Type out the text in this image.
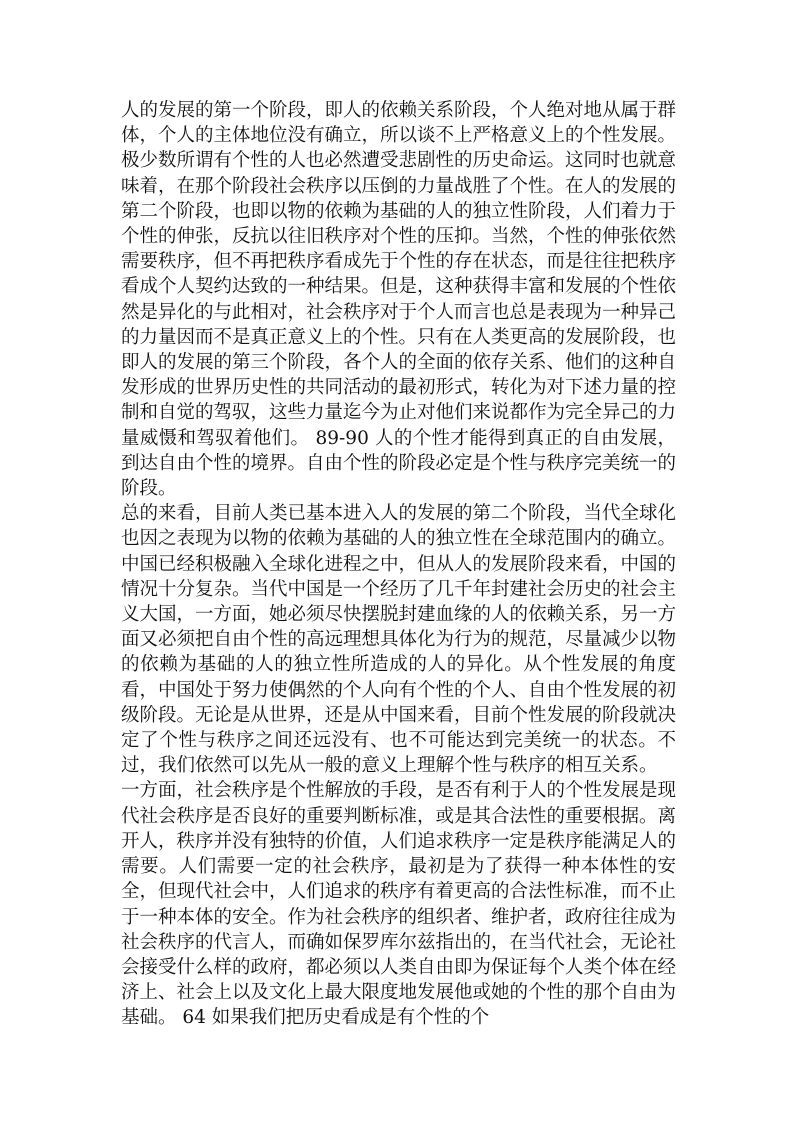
人的发展的第一个阶段，即人的依赖关系阶段，个人绝对地从属于群体，个人的主体地位没有确立，所以谈不上严格意义上的个性发展。极少数所谓有个性的人也必然遭受悲剧性的历史命运。这同时也就意味着，在那个阶段社会秩序以压倒的力量战胜了个性。在人的发展的第二个阶段，也即以物的依赖为基础的人的独立性阶段，人们着力于个性的伸张，反抗以往旧秩序对个性的压抑。当然，个性的伸张依然需要秩序，但不再把秩序看成先于个性的存在状态，而是往往把秩序看成个人契约达致的一种结果。但是，这种获得丰富和发展的个性依然是异化的与此相对，社会秩序对于个人而言也总是表现为一种异己的力量因而不是真正意义上的个性。只有在人类更高的发展阶段，也即人的发展的第三个阶段，各个人的全面的依存关系、他们的这种自发形成的世界历史性的共同活动的最初形式，转化为对下述力量的控制和自觉的驾驭，这些力量迄今为止对他们来说都作为完全异己的力量威慑和驾驭着他们。 89-90 人的个性才能得到真正的自由发展，到达自由个性的境界。自由个性的阶段必定是个性与秩序完美统一的阶段。

总的来看，目前人类已基本进入人的发展的第二个阶段，当代全球化也因之表现为以物的依赖为基础的人的独立性在全球范围内的确立。中国已经积极融入全球化进程之中，但从人的发展阶段来看，中国的情况十分复杂。当代中国是一个经历了几千年封建社会历史的社会主义大国，一方面，她必须尽快摆脱封建血缘的人的依赖关系，另一方面又必须把自由个性的高远理想具体化为行为的规范，尽量减少以物的依赖为基础的人的独立性所造成的人的异化。从个性发展的角度看，中国处于努力使偶然的个人向有个性的个人、自由个性发展的初级阶段。无论是从世界，还是从中国来看，目前个性发展的阶段就决定了个性与秩序之间还远没有、也不可能达到完美统一的状态。不过，我们依然可以先从一般的意义上理解个性与秩序的相互关系。

一方面，社会秩序是个性解放的手段，是否有利于人的个性发展是现代社会秩序是否良好的重要判断标准，或是其合法性的重要根据。离开人，秩序并没有独特的价值，人们追求秩序一定是秩序能满足人的需要。人们需要一定的社会秩序，最初是为了获得一种本体性的安全，但现代社会中，人们追求的秩序有着更高的合法性标准，而不止于一种本体的安全。作为社会秩序的组织者、维护者，政府往往成为社会秩序的代言人，而确如保罗库尔兹指出的，在当代社会，无论社会接受什么样的政府，都必须以人类自由即为保证每个人类个体在经济上、社会上以及文化上最大限度地发展他或她的个性的那个自由为基础。 64 如果我们把历史看成是有个性的个
